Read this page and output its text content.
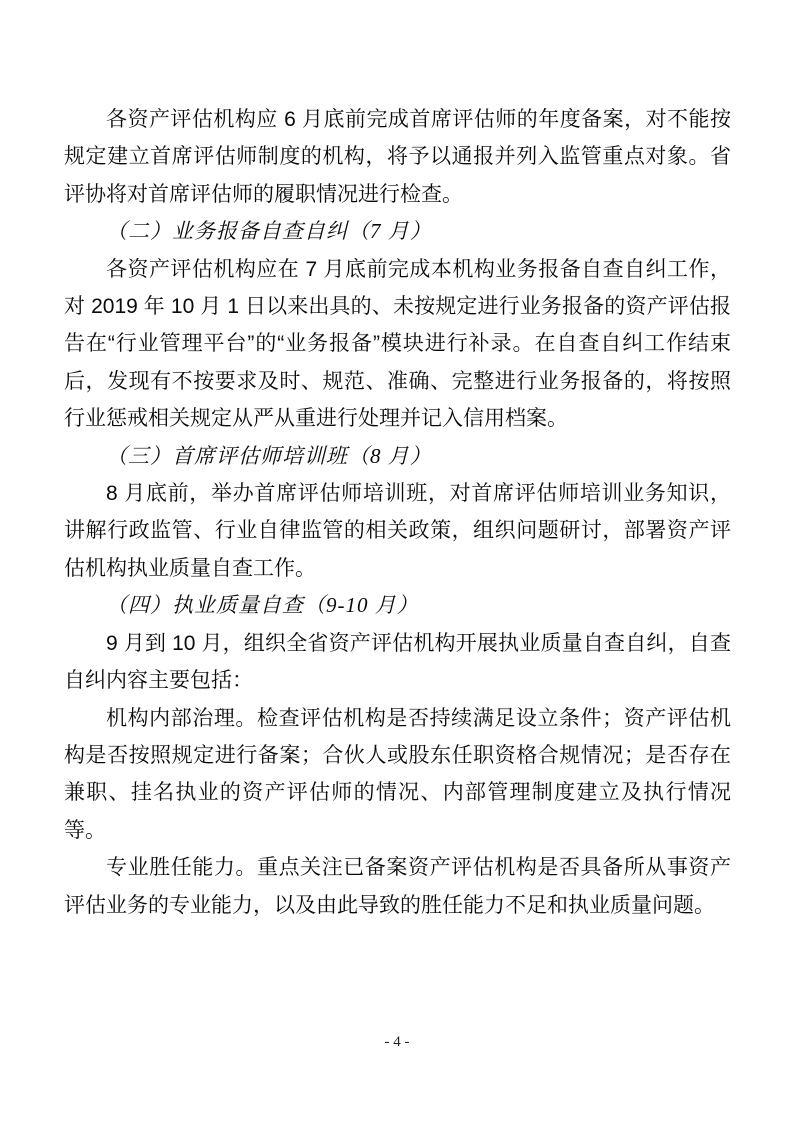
各资产评估机构应 6 月底前完成首席评估师的年度备案，对不能按规定建立首席评估师制度的机构，将予以通报并列入监管重点对象。省评协将对首席评估师的履职情况进行检查。

（二）业务报备自查自纠（7 月）

各资产评估机构应在 7 月底前完成本机构业务报备自查自纠工作，对 2019 年 10 月 1 日以来出具的、未按规定进行业务报备的资产评估报告在“行业管理平台”的“业务报备”模块进行补录。在自查自纠工作结束后，发现有不按要求及时、规范、准确、完整进行业务报备的，将按照行业惩戒相关规定从严从重进行处理并记入信用档案。

（三）首席评估师培训班（8 月）

8 月底前，举办首席评估师培训班，对首席评估师培训业务知识，讲解行政监管、行业自律监管的相关政策，组织问题研讨，部署资产评估机构执业质量自查工作。

（四）执业质量自查（9-10 月）

9 月到 10 月，组织全省资产评估机构开展执业质量自查自纠，自查自纠内容主要包括：

机构内部治理。检查评估机构是否持续满足设立条件；资产评估机构是否按照规定进行备案；合伙人或股东任职资格合规情况；是否存在兼职、挂名执业的资产评估师的情况、内部管理制度建立及执行情况等。

专业胜任能力。重点关注已备案资产评估机构是否具备所从事资产评估业务的专业能力，以及由此导致的胜任能力不足和执业质量问题。

- 4 -
